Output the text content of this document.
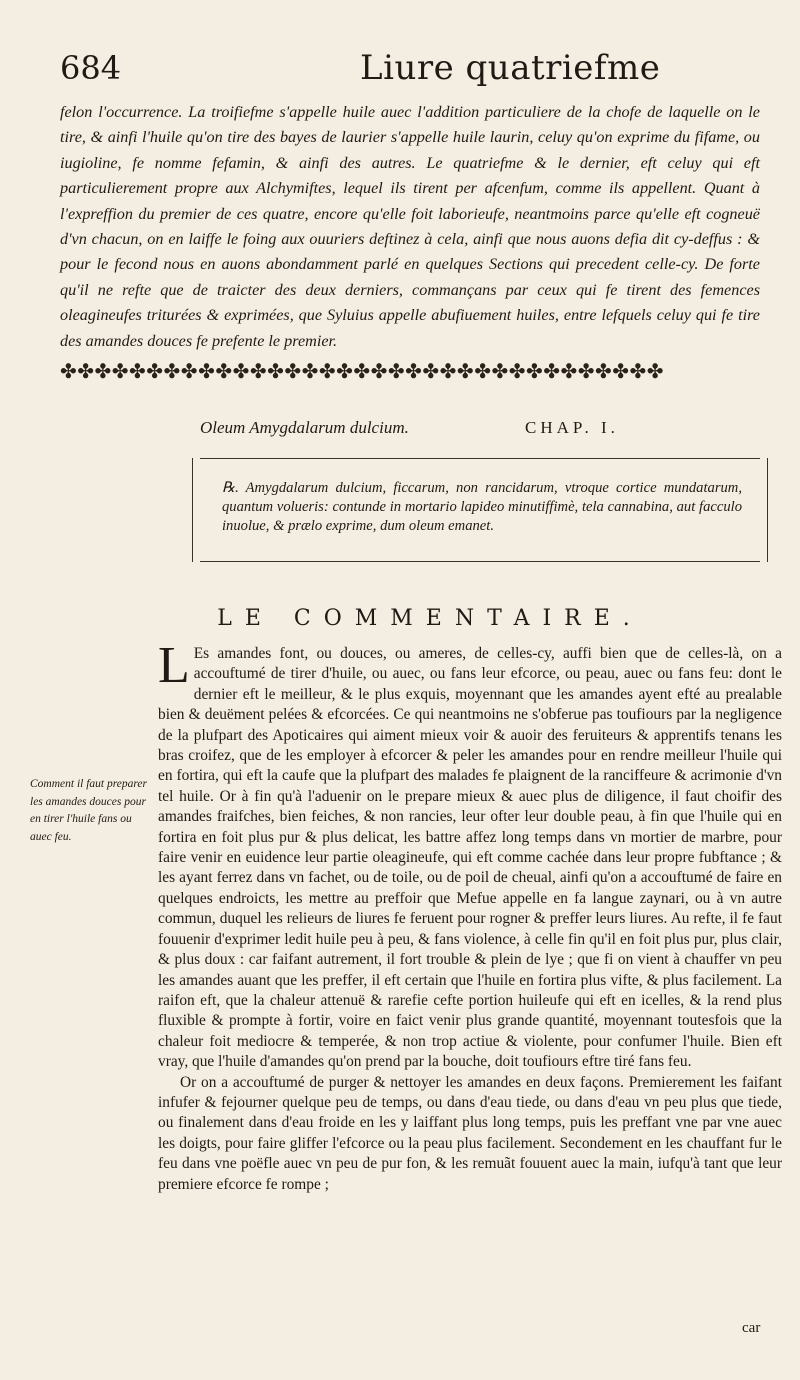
684	Liure quatriefme

felon l'occurrence. La troifiefme s'appelle huile auec l'addition particuliere de la chofe de laquelle on le tire, & ainfi l'huile qu'on tire des bayes de laurier s'appelle huile laurin, celuy qu'on exprime du fifame, ou iugioline, fe nomme fefamin, & ainfi des autres. Le quatriefme & le dernier, eft celuy qui eft particulierement propre aux Alchymiftes, lequel ils tirent per afcenfum, comme ils appellent. Quant à l'expreffion du premier de ces quatre, encore qu'elle foit laborieufe, neantmoins parce qu'elle eft cogneuë d'vn chacun, on en laiffe le foing aux ouuriers deftinez à cela, ainfi que nous auons defia dit cy-deffus : & pour le fecond nous en auons abondamment parlé en quelques Sections qui precedent celle-cy. De forte qu'il ne refte que de traicter des deux derniers, commançans par ceux qui fe tirent des femences oleagineufes triturées & exprimées, que Syluius appelle abufiuement huiles, entre lefquels celuy qui fe tire des amandes douces fe prefente le premier.

✤✤✤✤✤✤✤✤✤✤✤✤✤✤✤✤✤✤✤✤✤✤✤✤✤✤✤✤✤✤✤✤✤✤✤
Oleum Amygdalarum dulcium.	CHAP. I.

℞. Amygdalarum dulcium, ficcarum, non rancidarum, vtroque cortice mundatarum, quantum volueris: contunde in mortario lapideo minutiffimè, tela cannabina, aut facculo inuolue, & prælo exprime, dum oleum emanet.

LE COMMENTAIRE.
Comment il faut preparer les amandes douces pour en tirer l'huile fans ou auec feu.

L Es amandes font, ou douces, ou ameres, de celles-cy, auffi bien que de celles-là, on a accouftumé de tirer d'huile, ou auec, ou fans leur efcorce, ou peau, auec ou fans feu: dont le dernier eft le meilleur, & le plus exquis, moyennant que les amandes ayent efté au prealable bien & deuëment pelées & efcorcées. Ce qui neantmoins ne s'obferue pas toufiours par la negligence de la plufpart des Apoticaires qui aiment mieux voir & auoir des feruiteurs & apprentifs tenans les bras croifez, que de les employer à efcorcer & peler les amandes pour en rendre meilleur l'huile qui en fortira, qui eft la caufe que la plufpart des malades fe plaignent de la ranciffeure & acrimonie d'vn tel huile. Or à fin qu'à l'aduenir on le prepare mieux & auec plus de diligence, il faut choifir des amandes fraifches, bien feiches, & non rancies, leur ofter leur double peau, à fin que l'huile qui en fortira en foit plus pur & plus delicat, les battre affez long temps dans vn mortier de marbre, pour faire venir en euidence leur partie oleagineufe, qui eft comme cachée dans leur propre fubftance ; & les ayant ferrez dans vn fachet, ou de toile, ou de poil de cheual, ainfi qu'on a accouftumé de faire en quelques endroicts, les mettre au preffoir que Mefue appelle en fa langue zaynari, ou à vn autre commun, duquel les relieurs de liures fe feruent pour rogner & preffer leurs liures. Au refte, il fe faut fouuenir d'exprimer ledit huile peu à peu, & fans violence, à celle fin qu'il en foit plus pur, plus clair, & plus doux : car faifant autrement, il fort trouble & plein de lye ; que fi on vient à chauffer vn peu les amandes auant que les preffer, il eft certain que l'huile en fortira plus vifte, & plus facilement. La raifon eft, que la chaleur attenuë & rarefie cefte portion huileufe qui eft en icelles, & la rend plus fluxible & prompte à fortir, voire en faict venir plus grande quantité, moyennant toutesfois que la chaleur foit mediocre & temperée, & non trop actiue & violente, pour confumer l'huile. Bien eft vray, que l'huile d'amandes qu'on prend par la bouche, doit toufiours eftre tiré fans feu.

Or on a accouftumé de purger & nettoyer les amandes en deux façons. Premierement les faifant infufer & fejourner quelque peu de temps, ou dans d'eau tiede, ou dans d'eau vn peu plus que tiede, ou finalement dans d'eau froide en les y laiffant plus long temps, puis les preffant vne par vne auec les doigts, pour faire gliffer l'efcorce ou la peau plus facilement. Secondement en les chauffant fur le feu dans vne poëfle auec vn peu de pur fon, & les remuãt fouuent auec la main, iufqu'à tant que leur premiere efcorce fe rompe ;

car
